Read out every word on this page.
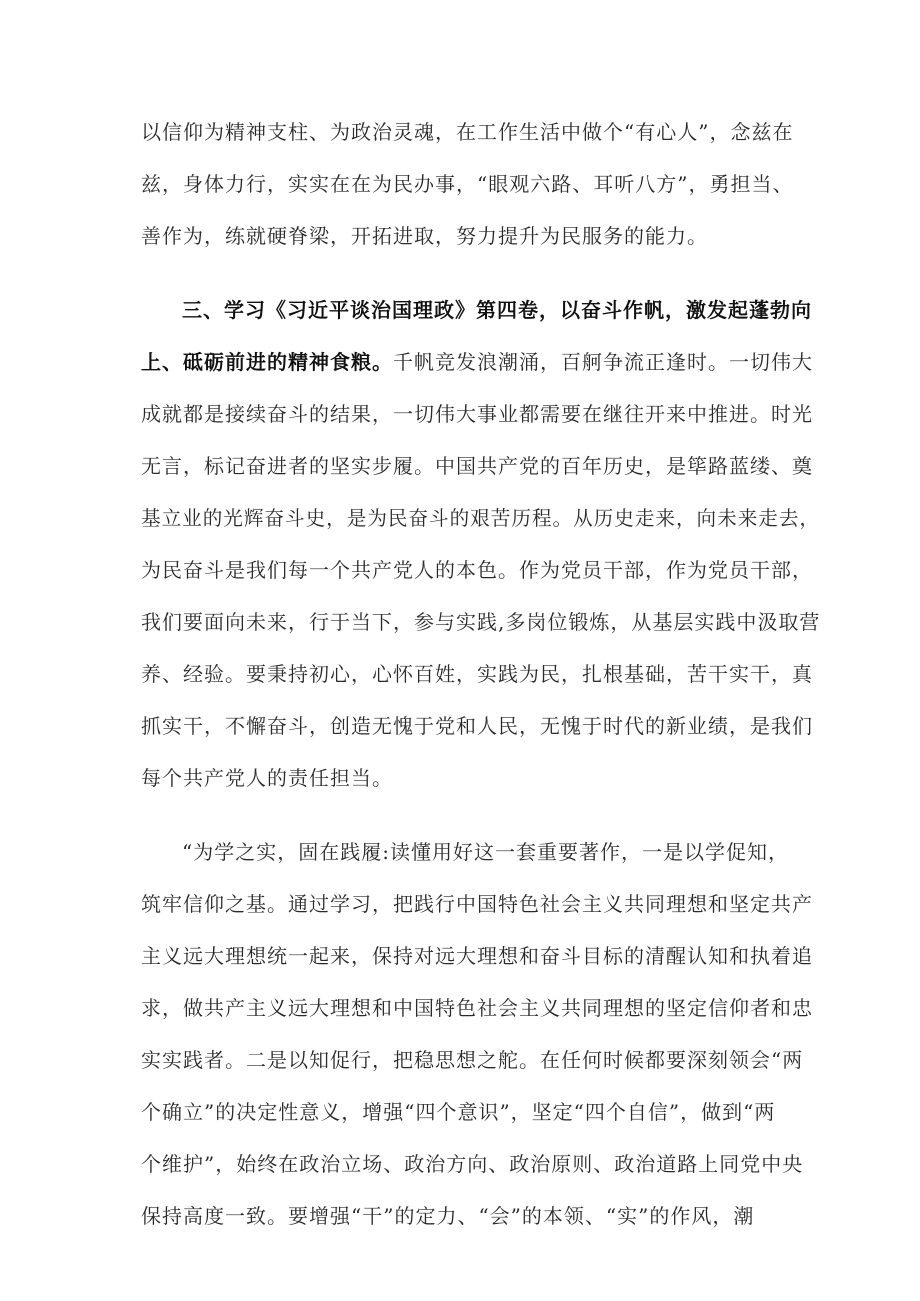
以信仰为精神支柱、为政治灵魂，在工作生活中做个“有心人”，念兹在
兹，身体力行，实实在在为民办事，“眼观六路、耳听八方”，勇担当、
善作为，练就硬脊梁，开拓进取，努力提升为民服务的能力。
三、学习《习近平谈治国理政》第四卷，以奋斗作帆，激发起蓬勃向
上、砥砺前进的精神食粮。千帆竞发浪潮涌，百舸争流正逢时。一切伟大
成就都是接续奋斗的结果，一切伟大事业都需要在继往开来中推进。时光
无言，标记奋进者的坚实步履。中国共产党的百年历史，是筚路蓝缕、奠
基立业的光辉奋斗史，是为民奋斗的艰苦历程。从历史走来，向未来走去，
为民奋斗是我们每一个共产党人的本色。作为党员干部，作为党员干部，
我们要面向未来，行于当下，参与实践,多岗位锻炼，从基层实践中汲取营
养、经验。要秉持初心，心怀百姓，实践为民，扎根基础，苦干实干，真
抓实干，不懈奋斗，创造无愧于党和人民，无愧于时代的新业绩，是我们
每个共产党人的责任担当。
“为学之实，固在践履:读懂用好这一套重要著作，一是以学促知，
筑牢信仰之基。通过学习，把践行中国特色社会主义共同理想和坚定共产
主义远大理想统一起来，保持对远大理想和奋斗目标的清醒认知和执着追
求，做共产主义远大理想和中国特色社会主义共同理想的坚定信仰者和忠
实实践者。二是以知促行，把稳思想之舵。在任何时候都要深刻领会“两
个确立”的决定性意义，增强“四个意识”，坚定“四个自信”，做到“两
个维护”，始终在政治立场、政治方向、政治原则、政治道路上同党中央
保持高度一致。要增强“干”的定力、“会”的本领、“实”的作风，潮
